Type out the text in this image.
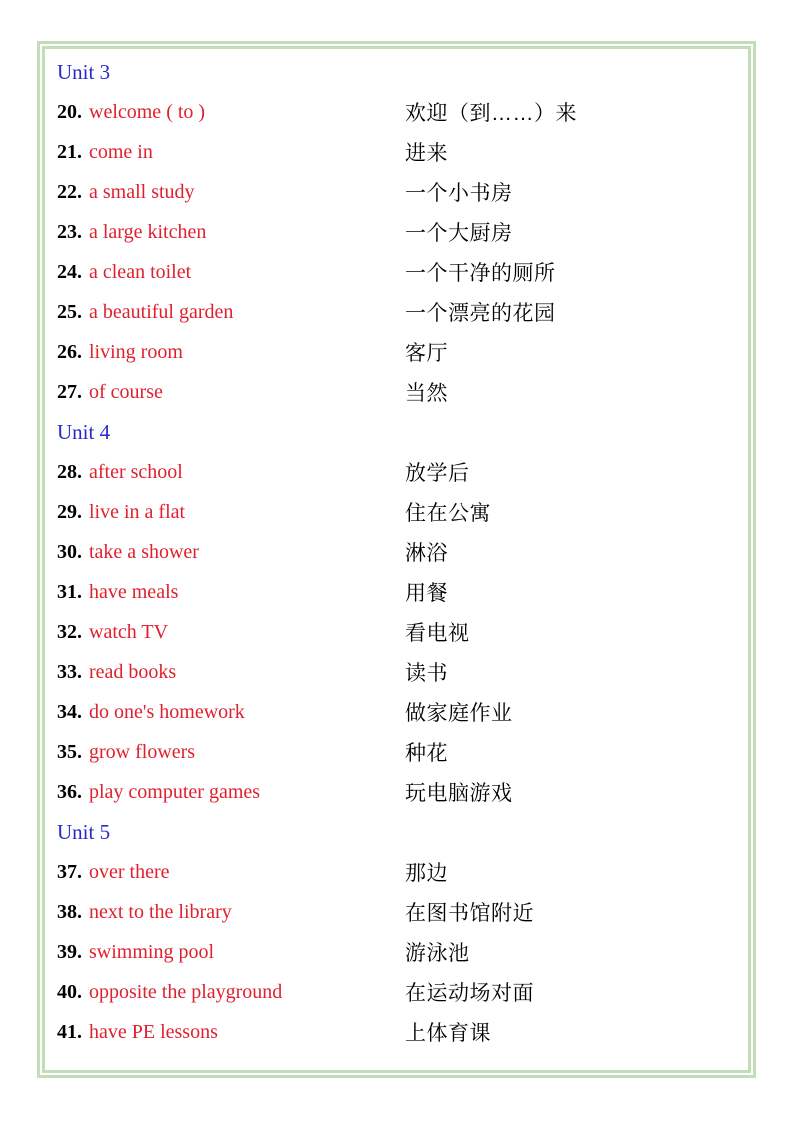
Unit 3
20. welcome ( to )	欢迎（到……）来
21. come in	进来
22. a small study	一个小书房
23. a large kitchen	一个大厨房
24. a clean toilet	一个干净的厕所
25. a beautiful garden	一个漂亮的花园
26. living room	客厅
27. of course	当然
Unit 4
28. after school	放学后
29. live in a flat	住在公寓
30. take a shower	淋浴
31. have meals	用餐
32. watch TV	看电视
33. read books	读书
34. do one's homework	做家庭作业
35. grow flowers	种花
36. play computer games	玩电脑游戏
Unit 5
37. over there	那边
38. next to the library	在图书馆附近
39. swimming pool	游泳池
40. opposite the playground	在运动场对面
41. have PE lessons	上体育课
